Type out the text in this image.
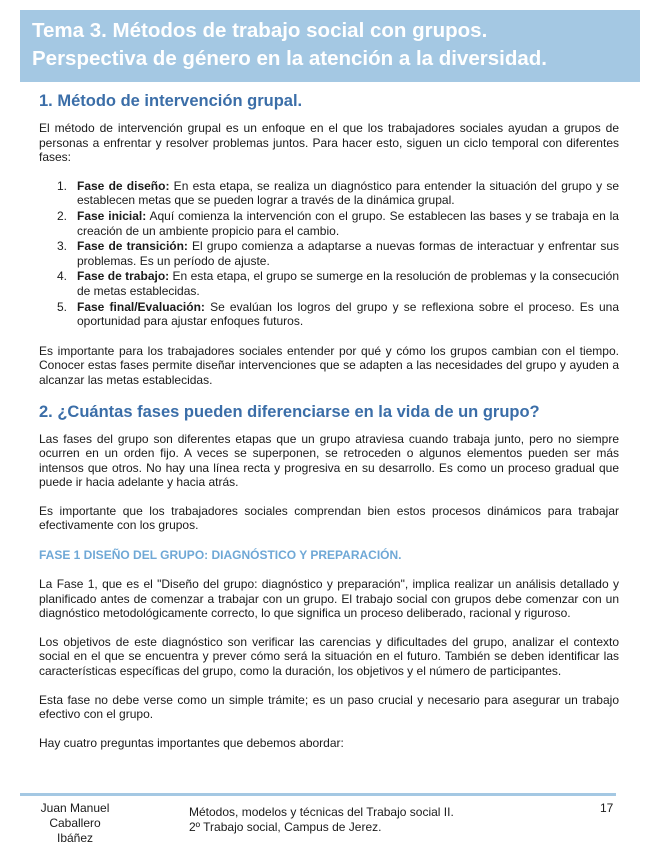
Tema 3. Métodos de trabajo social con grupos.
Perspectiva de género en la atención a la diversidad.
1. Método de intervención grupal.

El método de intervención grupal es un enfoque en el que los trabajadores sociales ayudan a grupos de personas a enfrentar y resolver problemas juntos. Para hacer esto, siguen un ciclo temporal con diferentes fases:

1. Fase de diseño: En esta etapa, se realiza un diagnóstico para entender la situación del grupo y se establecen metas que se pueden lograr a través de la dinámica grupal.
2. Fase inicial: Aquí comienza la intervención con el grupo. Se establecen las bases y se trabaja en la creación de un ambiente propicio para el cambio.
3. Fase de transición: El grupo comienza a adaptarse a nuevas formas de interactuar y enfrentar sus problemas. Es un período de ajuste.
4. Fase de trabajo: En esta etapa, el grupo se sumerge en la resolución de problemas y la consecución de metas establecidas.
5. Fase final/Evaluación: Se evalúan los logros del grupo y se reflexiona sobre el proceso. Es una oportunidad para ajustar enfoques futuros.

Es importante para los trabajadores sociales entender por qué y cómo los grupos cambian con el tiempo. Conocer estas fases permite diseñar intervenciones que se adapten a las necesidades del grupo y ayuden a alcanzar las metas establecidas.

2. ¿Cuántas fases pueden diferenciarse en la vida de un grupo?

Las fases del grupo son diferentes etapas que un grupo atraviesa cuando trabaja junto, pero no siempre ocurren en un orden fijo. A veces se superponen, se retroceden o algunos elementos pueden ser más intensos que otros. No hay una línea recta y progresiva en su desarrollo. Es como un proceso gradual que puede ir hacia adelante y hacia atrás.

Es importante que los trabajadores sociales comprendan bien estos procesos dinámicos para trabajar efectivamente con los grupos.

FASE 1 DISEÑO DEL GRUPO: DIAGNÓSTICO Y PREPARACIÓN.

La Fase 1, que es el "Diseño del grupo: diagnóstico y preparación", implica realizar un análisis detallado y planificado antes de comenzar a trabajar con un grupo. El trabajo social con grupos debe comenzar con un diagnóstico metodológicamente correcto, lo que significa un proceso deliberado, racional y riguroso.

Los objetivos de este diagnóstico son verificar las carencias y dificultades del grupo, analizar el contexto social en el que se encuentra y prever cómo será la situación en el futuro. También se deben identificar las características específicas del grupo, como la duración, los objetivos y el número de participantes.

Esta fase no debe verse como un simple trámite; es un paso crucial y necesario para asegurar un trabajo efectivo con el grupo.

Hay cuatro preguntas importantes que debemos abordar:

Juan Manuel
Caballero
Ibáñez
Métodos, modelos y técnicas del Trabajo social II.
2º Trabajo social, Campus de Jerez.
17
